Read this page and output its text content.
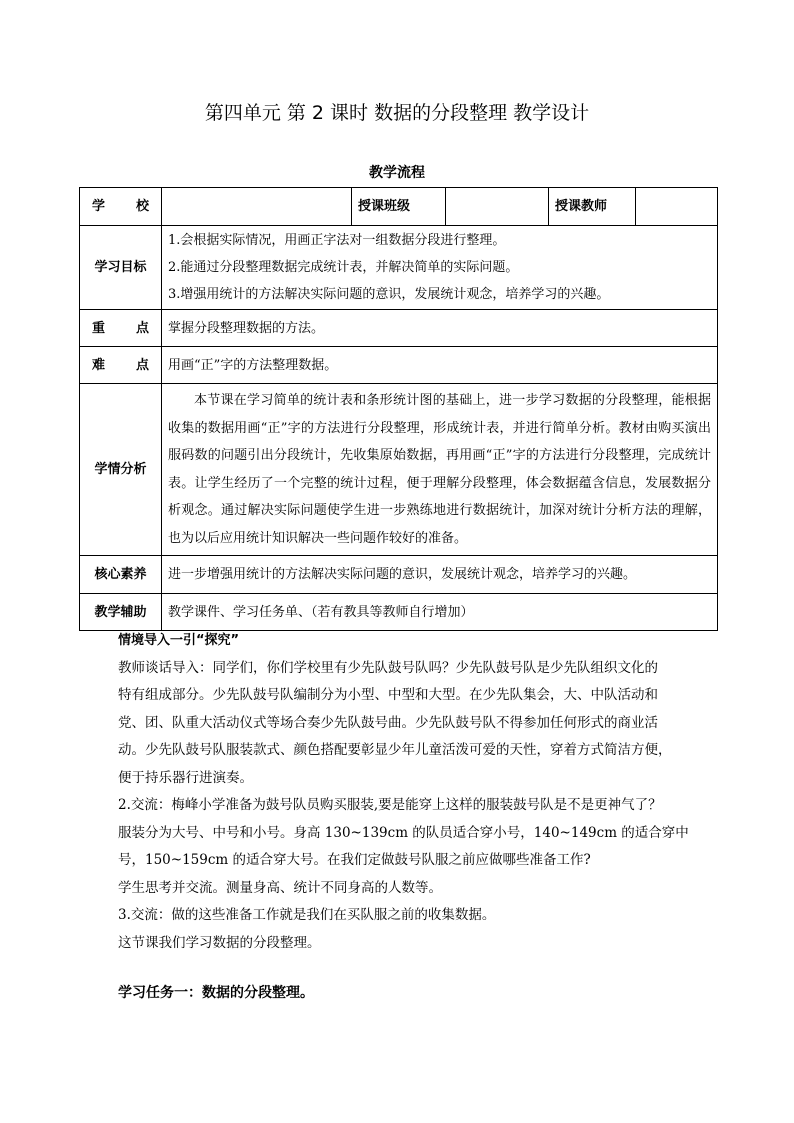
第四单元 第 2 课时 数据的分段整理 教学设计
教学流程
学 校		授课班级		授课教师	
学习目标	1.会根据实际情况，用画正字法对一组数据分段进行整理。
2.能通过分段整理数据完成统计表，并解决简单的实际问题。
3.增强用统计的方法解决实际问题的意识，发展统计观念，培养学习的兴趣。				

重 点	掌握分段整理数据的方法。				

难 点	用画“正”字的方法整理数据。				
学情分析	本节课在学习简单的统计表和条形统计图的基础上，进一步学习数据的分段整理，能根据收集的数据用画“正”字的方法进行分段整理，形成统计表，并进行简单分析。教材由购买演出服码数的问题引出分段统计，先收集原始数据，再用画“正”字的方法进行分段整理，完成统计表。让学生经历了一个完整的统计过程，便于理解分段整理，体会数据蕴含信息，发展数据分析观念。通过解决实际问题使学生进一步熟练地进行数据统计，加深对统计分析方法的理解，也为以后应用统计知识解决一些问题作较好的准备。				

核心素养	进一步增强用统计的方法解决实际问题的意识，发展统计观念，培养学习的兴趣。				
教学辅助	教学课件、学习任务单、（若有教具等教师自行增加）				

情境导入一引“探究”

教师谈话导入：同学们，你们学校里有少先队鼓号队吗？少先队鼓号队是少先队组织文化的

特有组成部分。少先队鼓号队编制分为小型、中型和大型。在少先队集会，大、中队活动和

党、团、队重大活动仪式等场合奏少先队鼓号曲。少先队鼓号队不得参加任何形式的商业活

动。少先队鼓号队服装款式、颜色搭配要彰显少年儿童活泼可爱的天性，穿着方式简洁方便，

便于持乐器行进演奏。

2.交流：梅峰小学准备为鼓号队员购买服装,要是能穿上这样的服装鼓号队是不是更神气了？

服装分为大号、中号和小号。身高 130~139cm 的队员适合穿小号，140~149cm 的适合穿中

号，150~159cm 的适合穿大号。在我们定做鼓号队服之前应做哪些准备工作?

学生思考并交流。测量身高、统计不同身高的人数等。

3.交流：做的这些准备工作就是我们在买队服之前的收集数据。

这节课我们学习数据的分段整理。

学习任务一：数据的分段整理。
